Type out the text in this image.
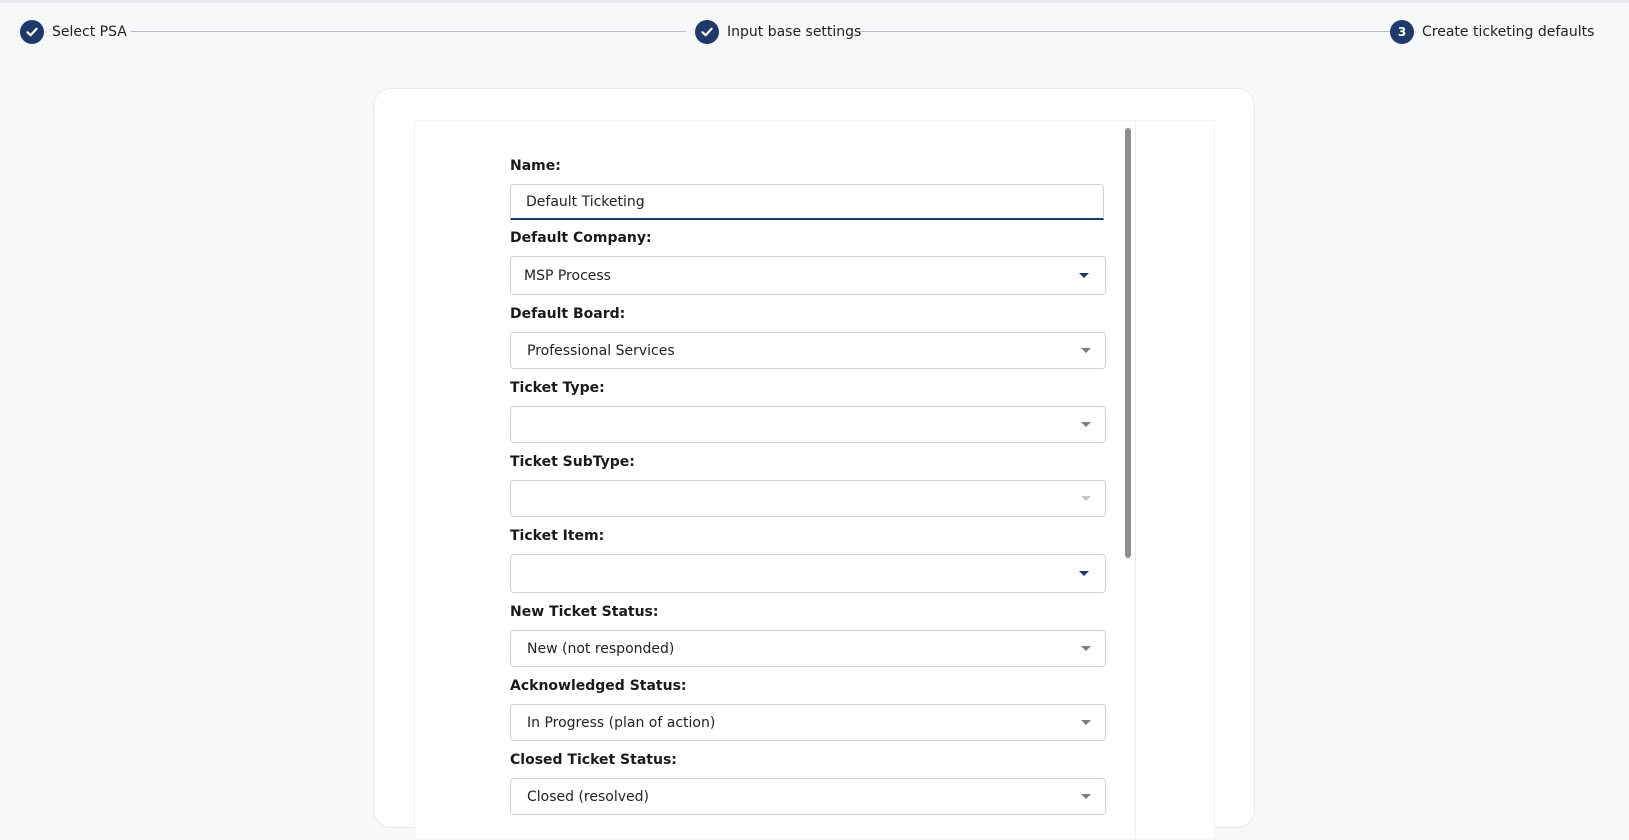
Select PSA	Input base settings	3	Create ticketing defaults
Name:
Default Ticketing
Default Company:
MSP Process
Default Board:
Professional Services
Ticket Type:
Ticket SubType:
Ticket Item:
New Ticket Status:
New (not responded)
Acknowledged Status:
In Progress (plan of action)
Closed Ticket Status:
Closed (resolved)
